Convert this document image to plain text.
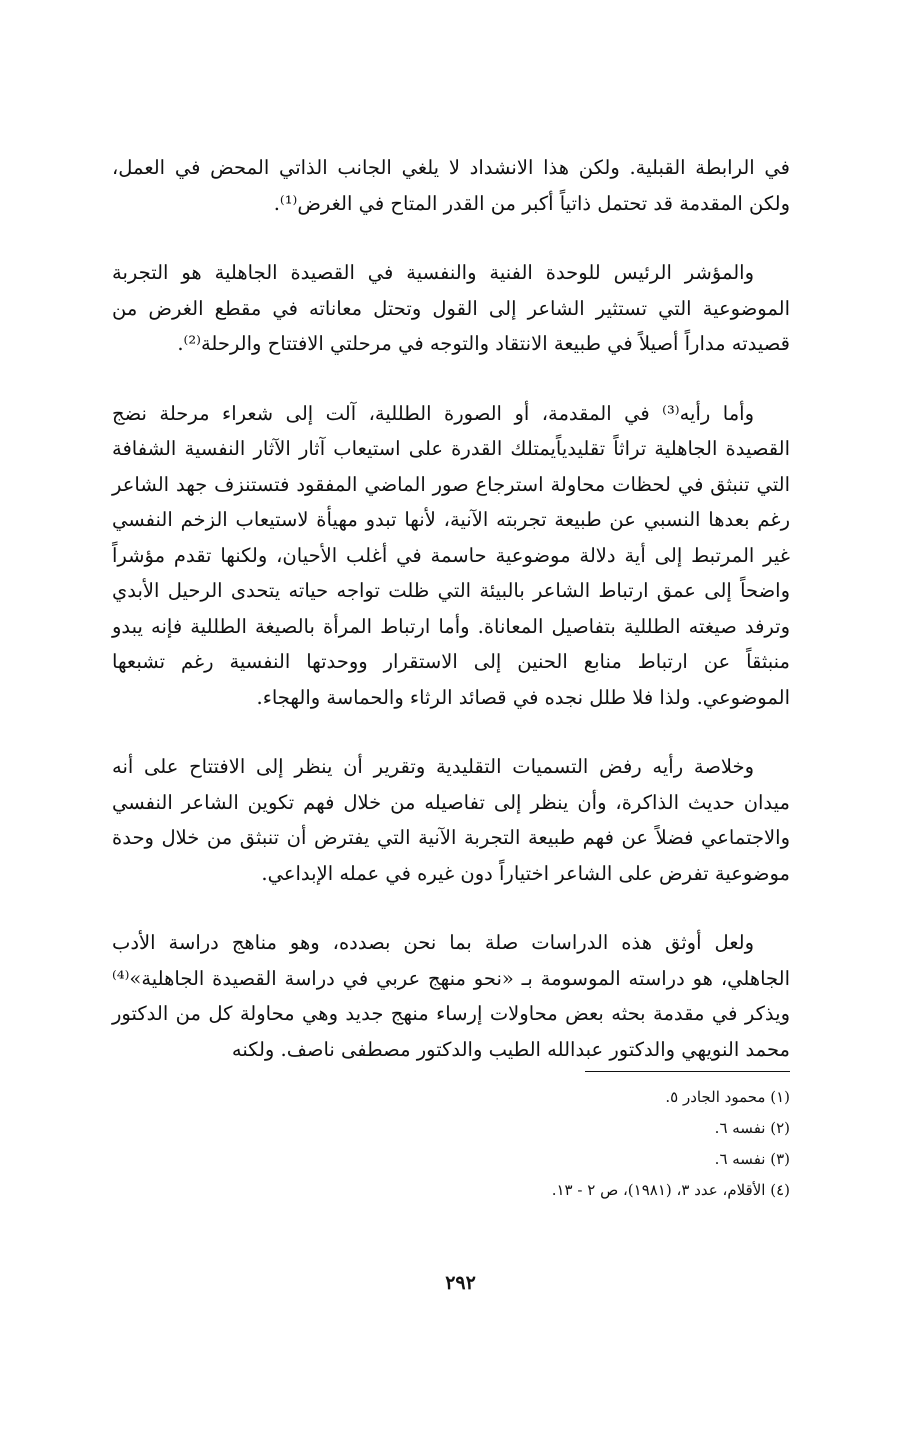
في الرابطة القبلية. ولكن هذا الانشداد لا يلغي الجانب الذاتي المحض في العمل، ولكن المقدمة قد تحتمل ذاتياً أكبر من القدر المتاح في الغرض⁽¹⁾.

والمؤشر الرئيس للوحدة الفنية والنفسية في القصيدة الجاهلية هو التجربة الموضوعية التي تستثير الشاعر إلى القول وتحتل معاناته في مقطع الغرض من قصيدته مداراً أصيلاً في طبيعة الانتقاد والتوجه في مرحلتي الافتتاح والرحلة⁽²⁾.

وأما رأيه⁽³⁾ في المقدمة، أو الصورة الطللية، آلت إلى شعراء مرحلة نضج القصيدة الجاهلية تراثاً تقليدياًيمتلك القدرة على استيعاب آثار الآثار النفسية الشفافة التي تنبثق في لحظات محاولة استرجاع صور الماضي المفقود فتستنزف جهد الشاعر رغم بعدها النسبي عن طبيعة تجربته الآنية، لأنها تبدو مهيأة لاستيعاب الزخم النفسي غير المرتبط إلى أية دلالة موضوعية حاسمة في أغلب الأحيان، ولكنها تقدم مؤشراً واضحاً إلى عمق ارتباط الشاعر بالبيئة التي ظلت تواجه حياته يتحدى الرحيل الأبدي وترفد صيغته الطللية بتفاصيل المعاناة. وأما ارتباط المرأة بالصيغة الطللية فإنه يبدو منبثقاً عن ارتباط منابع الحنين إلى الاستقرار ووحدتها النفسية رغم تشبعها الموضوعي. ولذا فلا طلل نجده في قصائد الرثاء والحماسة والهجاء.

وخلاصة رأيه رفض التسميات التقليدية وتقرير أن ينظر إلى الافتتاح على أنه ميدان حديث الذاكرة، وأن ينظر إلى تفاصيله من خلال فهم تكوين الشاعر النفسي والاجتماعي فضلاً عن فهم طبيعة التجربة الآنية التي يفترض أن تنبثق من خلال وحدة موضوعية تفرض على الشاعر اختياراً دون غيره في عمله الإبداعي.

ولعل أوثق هذه الدراسات صلة بما نحن بصدده، وهو مناهج دراسة الأدب الجاهلي، هو دراسته الموسومة بـ «نحو منهج عربي في دراسة القصيدة الجاهلية»⁽⁴⁾ ويذكر في مقدمة بحثه بعض محاولات إرساء منهج جديد وهي محاولة كل من الدكتور محمد النويهي والدكتور عبدالله الطيب والدكتور مصطفى ناصف. ولكنه

(١) محمود الجادر ٥.

(٢) نفسه ٦.

(٣) نفسه ٦.

(٤) الأقلام، عدد ٣، (١٩٨١)، ص ٢ - ١٣.

٢٩٢
